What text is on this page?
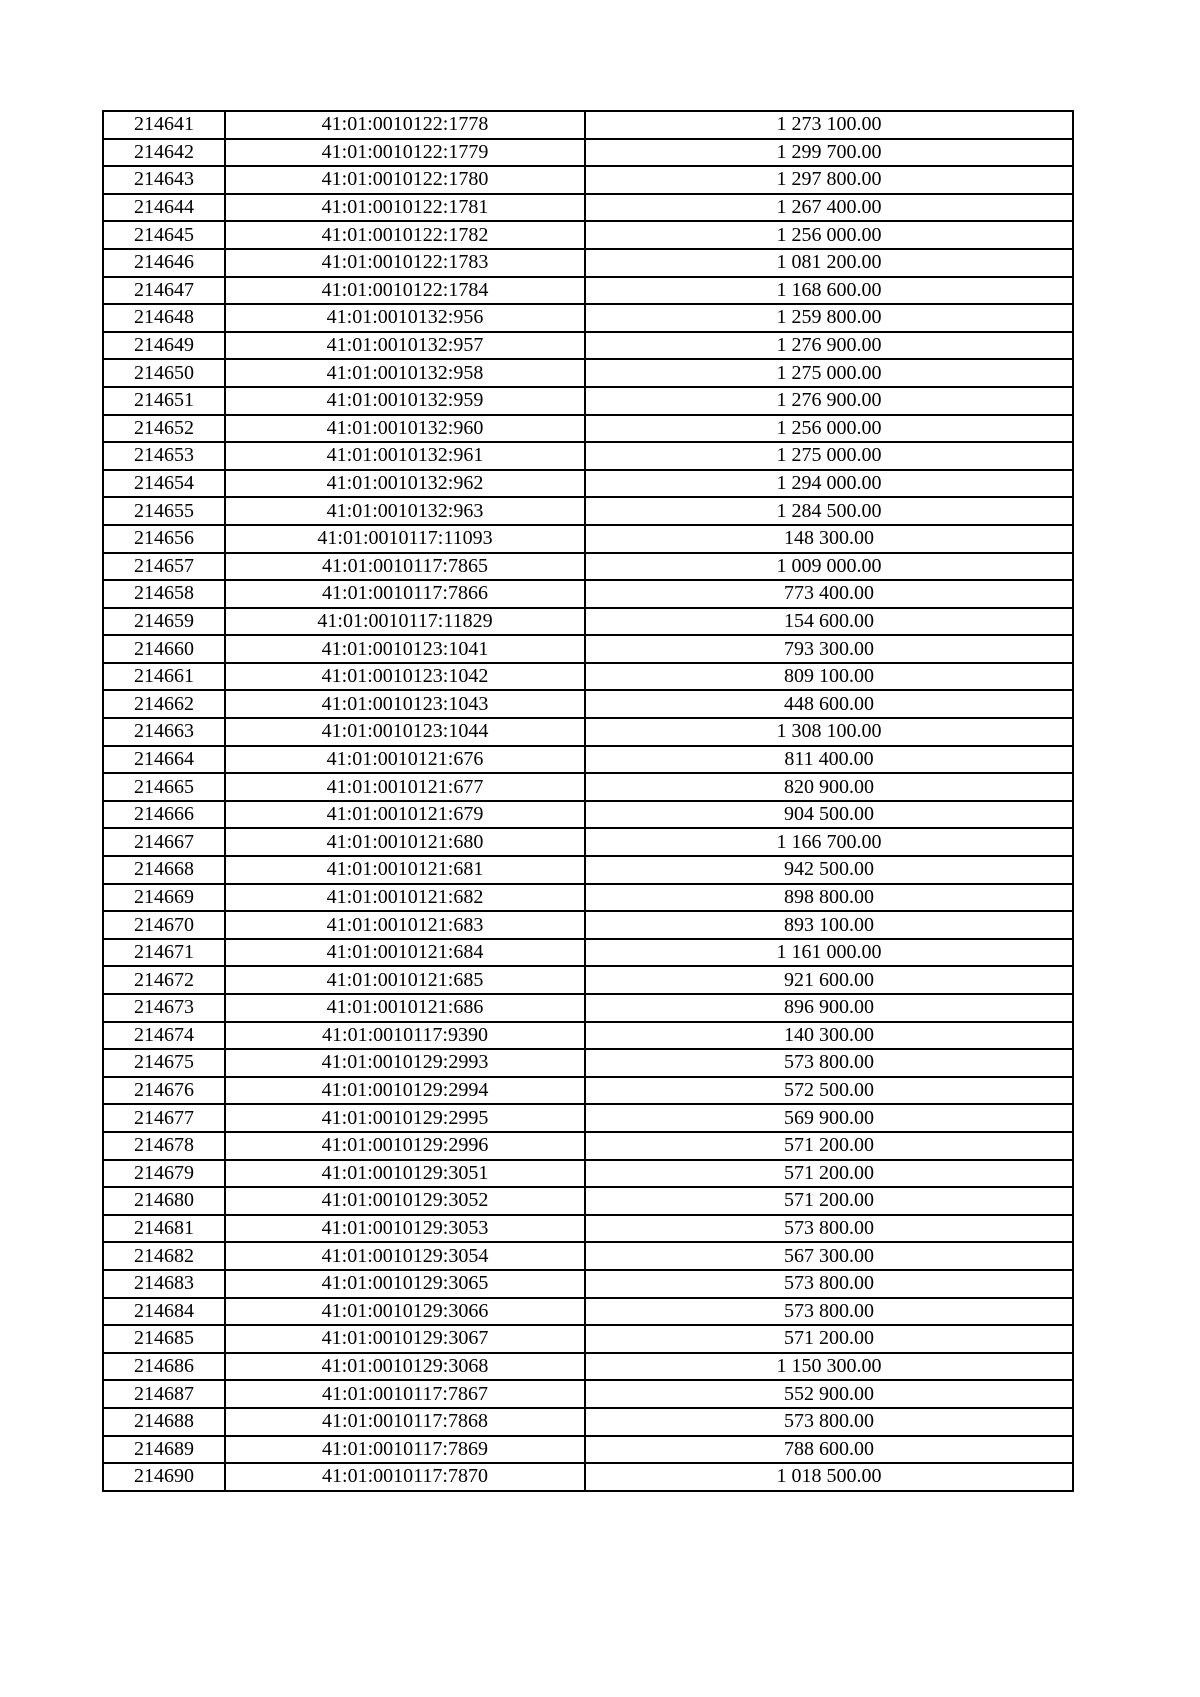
214641	41:01:0010122:1778	1 273 100.00
214642	41:01:0010122:1779	1 299 700.00
214643	41:01:0010122:1780	1 297 800.00
214644	41:01:0010122:1781	1 267 400.00
214645	41:01:0010122:1782	1 256 000.00
214646	41:01:0010122:1783	1 081 200.00
214647	41:01:0010122:1784	1 168 600.00
214648	41:01:0010132:956	1 259 800.00
214649	41:01:0010132:957	1 276 900.00
214650	41:01:0010132:958	1 275 000.00
214651	41:01:0010132:959	1 276 900.00
214652	41:01:0010132:960	1 256 000.00
214653	41:01:0010132:961	1 275 000.00
214654	41:01:0010132:962	1 294 000.00
214655	41:01:0010132:963	1 284 500.00
214656	41:01:0010117:11093	148 300.00
214657	41:01:0010117:7865	1 009 000.00
214658	41:01:0010117:7866	773 400.00
214659	41:01:0010117:11829	154 600.00
214660	41:01:0010123:1041	793 300.00
214661	41:01:0010123:1042	809 100.00
214662	41:01:0010123:1043	448 600.00
214663	41:01:0010123:1044	1 308 100.00
214664	41:01:0010121:676	811 400.00
214665	41:01:0010121:677	820 900.00
214666	41:01:0010121:679	904 500.00
214667	41:01:0010121:680	1 166 700.00
214668	41:01:0010121:681	942 500.00
214669	41:01:0010121:682	898 800.00
214670	41:01:0010121:683	893 100.00
214671	41:01:0010121:684	1 161 000.00
214672	41:01:0010121:685	921 600.00
214673	41:01:0010121:686	896 900.00
214674	41:01:0010117:9390	140 300.00
214675	41:01:0010129:2993	573 800.00
214676	41:01:0010129:2994	572 500.00
214677	41:01:0010129:2995	569 900.00
214678	41:01:0010129:2996	571 200.00
214679	41:01:0010129:3051	571 200.00
214680	41:01:0010129:3052	571 200.00
214681	41:01:0010129:3053	573 800.00
214682	41:01:0010129:3054	567 300.00
214683	41:01:0010129:3065	573 800.00
214684	41:01:0010129:3066	573 800.00
214685	41:01:0010129:3067	571 200.00
214686	41:01:0010129:3068	1 150 300.00
214687	41:01:0010117:7867	552 900.00
214688	41:01:0010117:7868	573 800.00
214689	41:01:0010117:7869	788 600.00
214690	41:01:0010117:7870	1 018 500.00
